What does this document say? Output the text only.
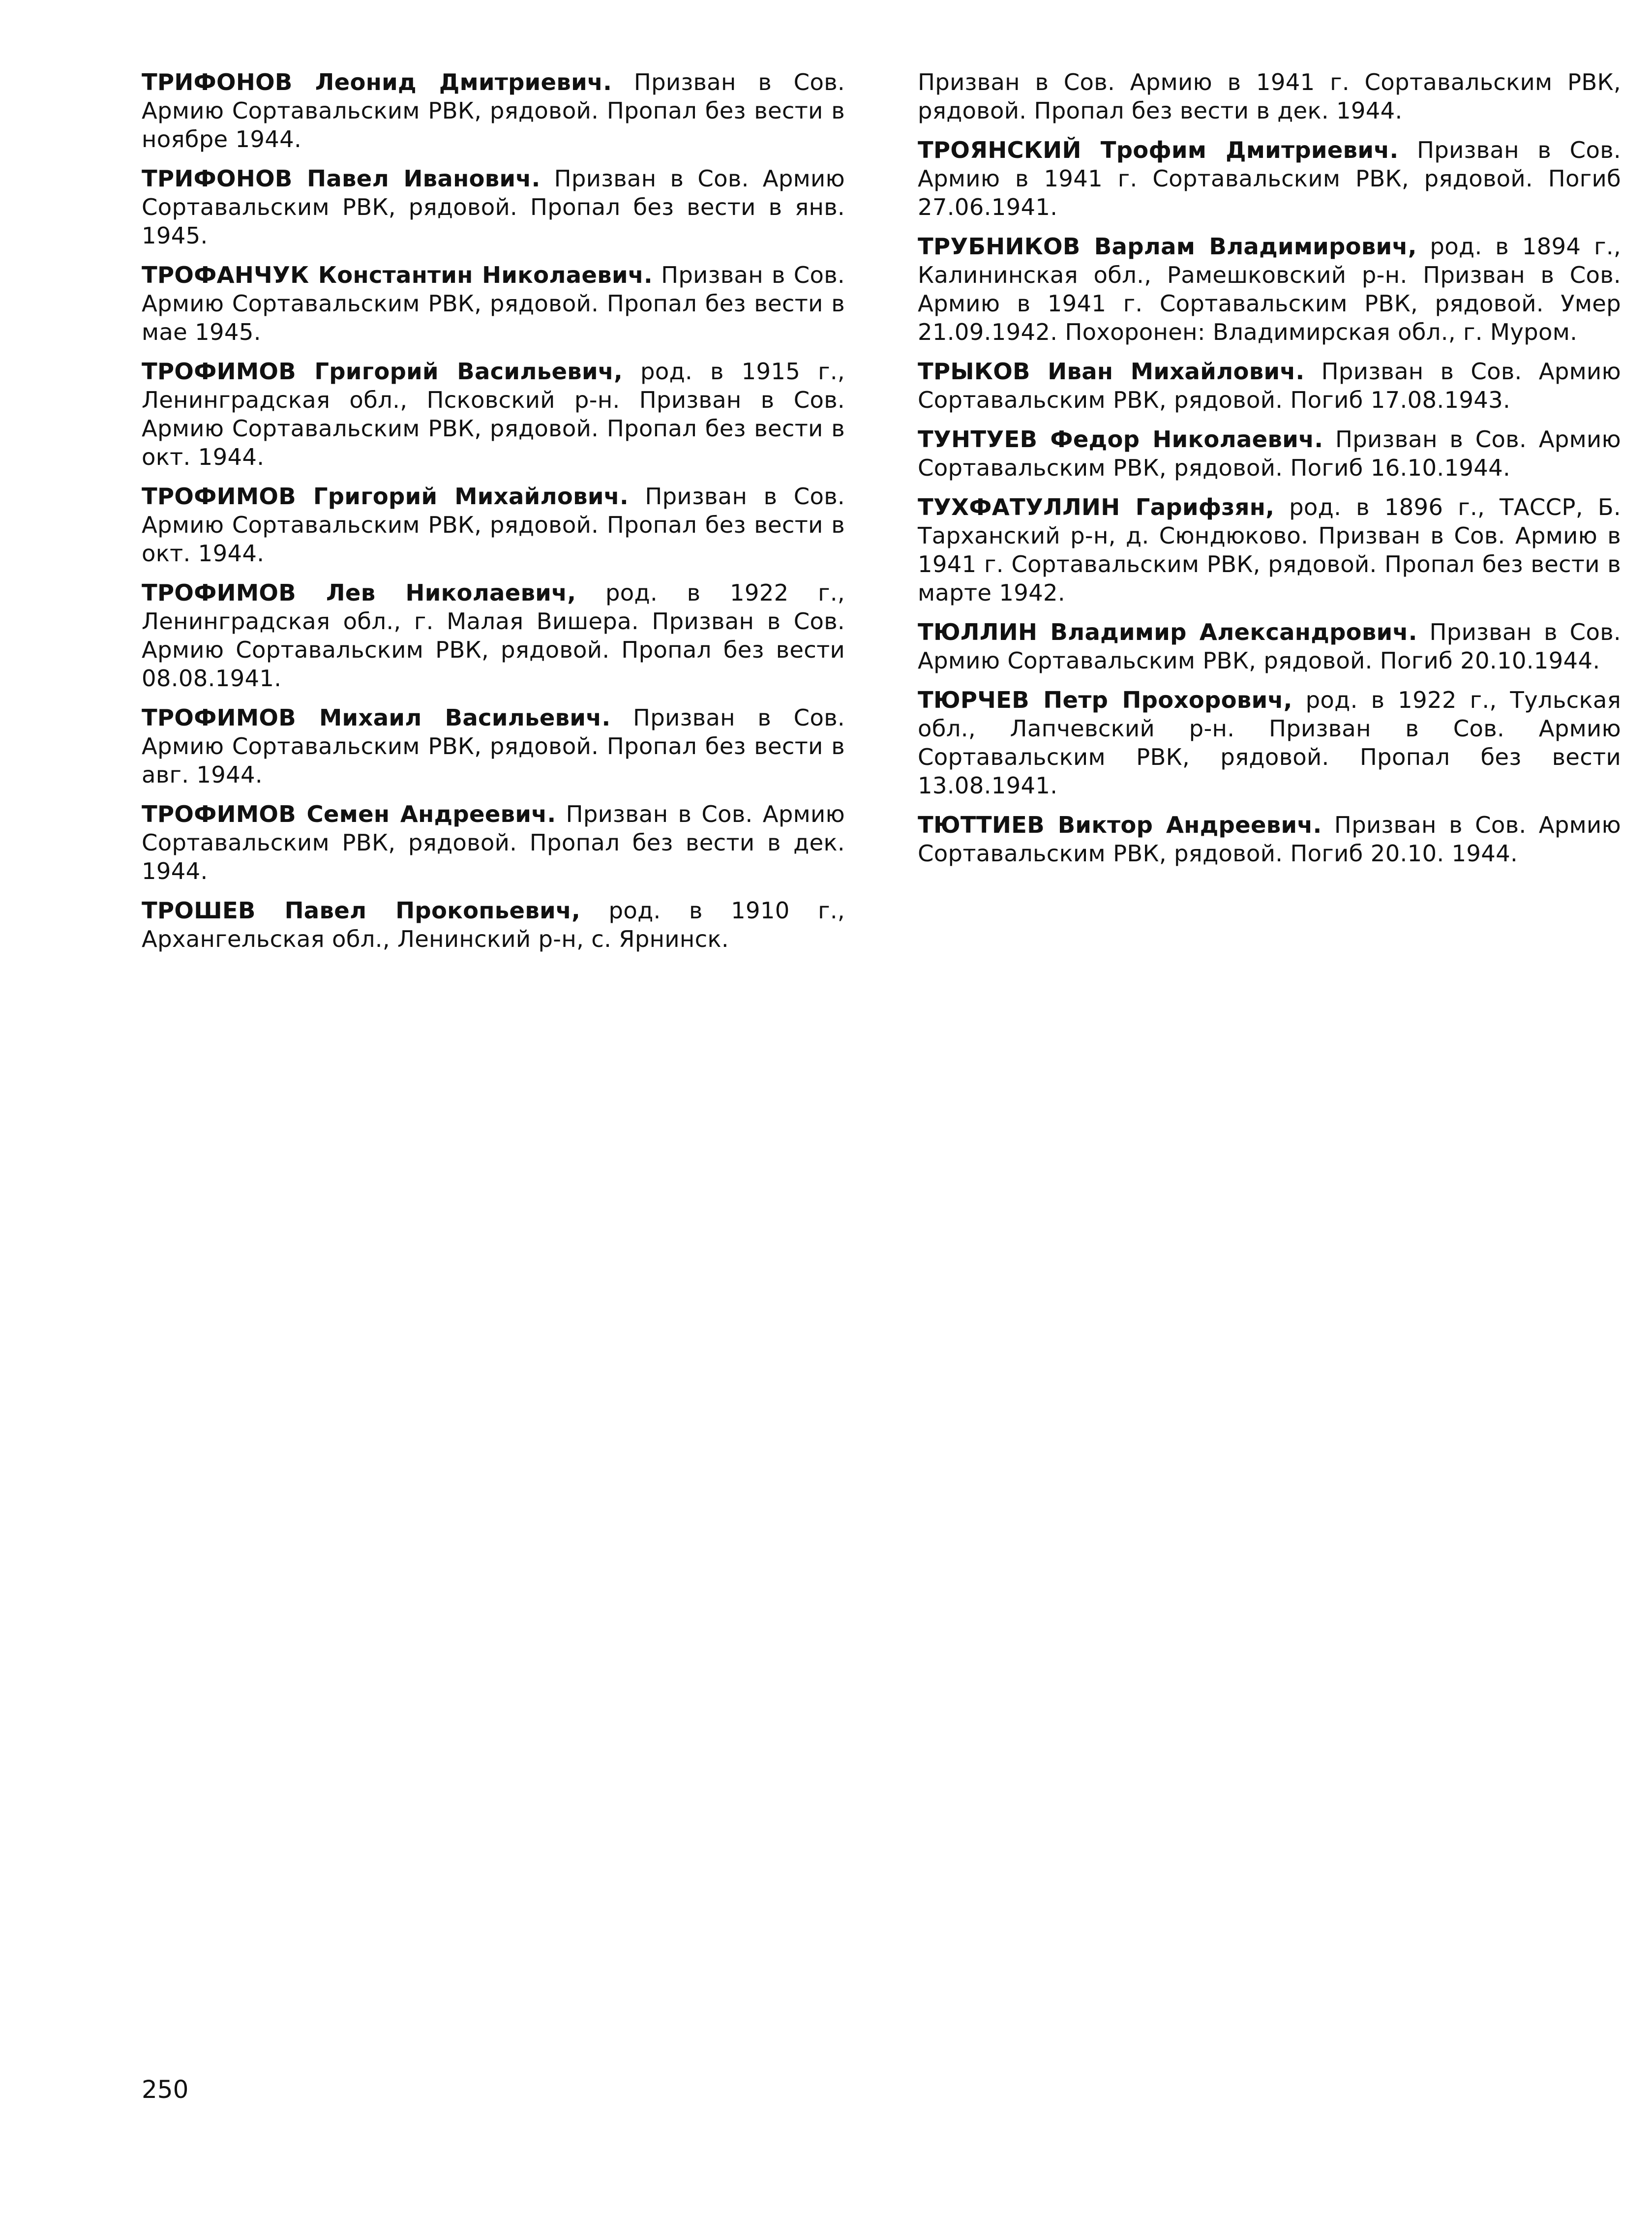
ТРИФОНОВ Леонид Дмитриевич. Призван в Сов. Армию Сортавальским РВК, рядовой. Пропал без вести в ноябре 1944.

ТРИФОНОВ Павел Иванович. Призван в Сов. Армию Сортавальским РВК, рядовой. Пропал без вести в янв. 1945.

ТРОФАНЧУК Константин Николаевич. Призван в Сов. Армию Сортавальским РВК, рядовой. Пропал без вести в мае 1945.

ТРОФИМОВ Григорий Васильевич, род. в 1915 г., Ленинградская обл., Псковский р-н. Призван в Сов. Армию Сортавальским РВК, рядовой. Пропал без вести в окт. 1944.

ТРОФИМОВ Григорий Михайлович. Призван в Сов. Армию Сортавальским РВК, рядовой. Пропал без вести в окт. 1944.

ТРОФИМОВ Лев Николаевич, род. в 1922 г., Ленинградская обл., г. Малая Вишера. Призван в Сов. Армию Сортавальским РВК, рядовой. Пропал без вести 08.08.1941.

ТРОФИМОВ Михаил Васильевич. Призван в Сов. Армию Сортавальским РВК, рядовой. Пропал без вести в авг. 1944.

ТРОФИМОВ Семен Андреевич. Призван в Сов. Армию Сортавальским РВК, рядовой. Пропал без вести в дек. 1944.

ТРОШЕВ Павел Прокопьевич, род. в 1910 г., Архангельская обл., Ленинский р-н, с. Ярнинск.

Призван в Сов. Армию в 1941 г. Сортавальским РВК, рядовой. Пропал без вести в дек. 1944.

ТРОЯНСКИЙ Трофим Дмитриевич. Призван в Сов. Армию в 1941 г. Сортавальским РВК, рядовой. Погиб 27.06.1941.

ТРУБНИКОВ Варлам Владимирович, род. в 1894 г., Калининская обл., Рамешковский р-н. Призван в Сов. Армию в 1941 г. Сортавальским РВК, рядовой. Умер 21.09.1942. Похоронен: Владимирская обл., г. Муром.

ТРЫКОВ Иван Михайлович. Призван в Сов. Армию Сортавальским РВК, рядовой. Погиб 17.08.1943.

ТУНТУЕВ Федор Николаевич. Призван в Сов. Армию Сортавальским РВК, рядовой. Погиб 16.10.1944.

ТУХФАТУЛЛИН Гарифзян, род. в 1896 г., ТАССР, Б. Тарханский р-н, д. Сюндюково. Призван в Сов. Армию в 1941 г. Сортавальским РВК, рядовой. Пропал без вести в марте 1942.

ТЮЛЛИН Владимир Александрович. Призван в Сов. Армию Сортавальским РВК, рядовой. Погиб 20.10.1944.

ТЮРЧЕВ Петр Прохорович, род. в 1922 г., Тульская обл., Лапчевский р-н. Призван в Сов. Армию Сортавальским РВК, рядовой. Пропал без вести 13.08.1941.

ТЮТТИЕВ Виктор Андреевич. Призван в Сов. Армию Сортавальским РВК, рядовой. Погиб 20.10. 1944.

250
